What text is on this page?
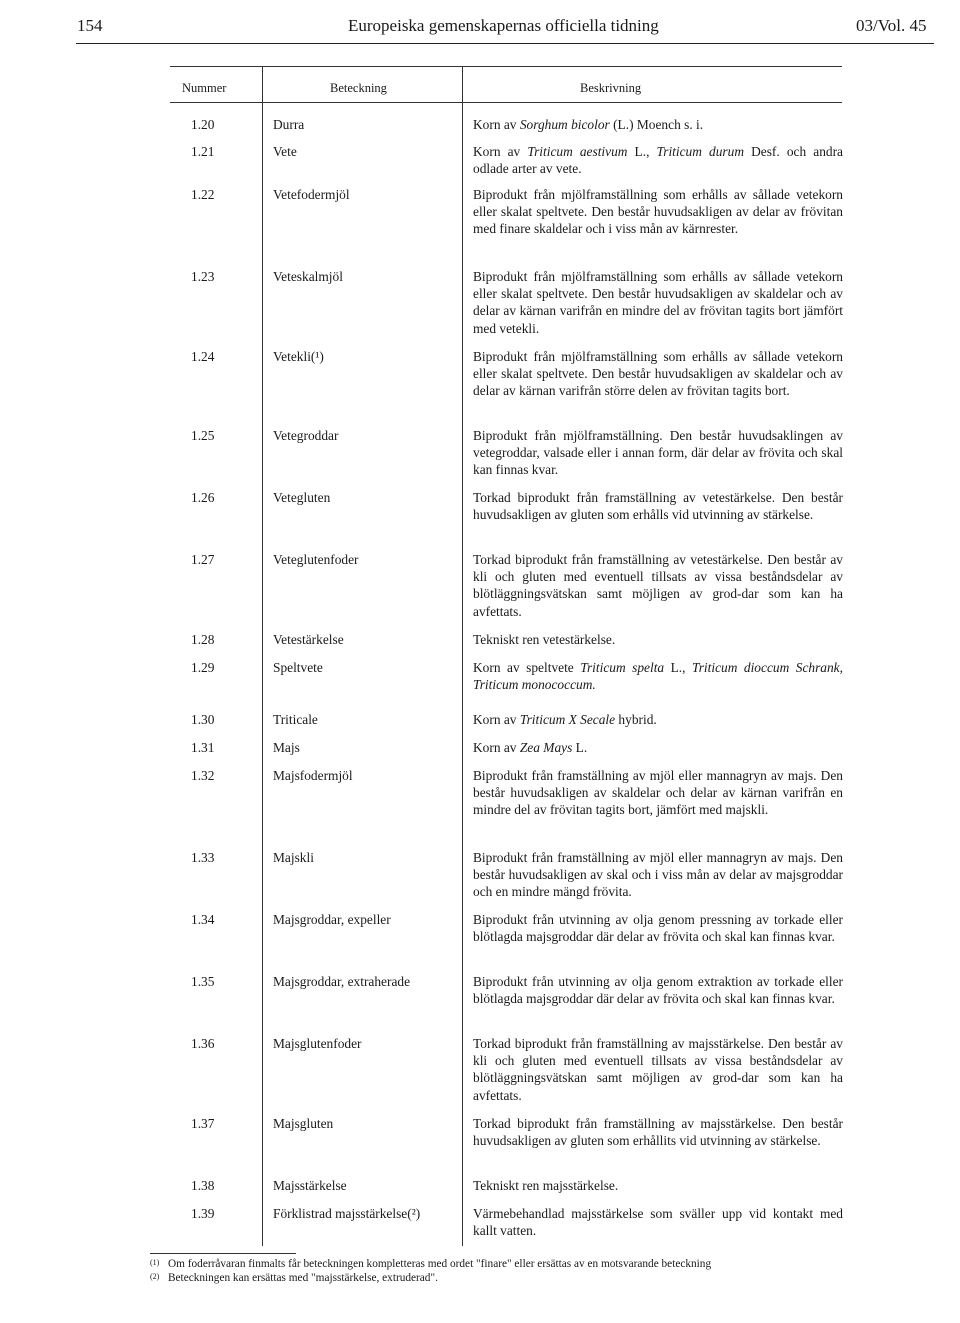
154	Europeiska gemenskapernas officiella tidning	03/Vol. 45
Nummer	Beteckning	Beskrivning
1.20	Durra	Korn av Sorghum bicolor (L.) Moench s. i.
1.21	Vete	Korn av Triticum aestivum L., Triticum durum Desf. och andra odlade arter av vete.
1.22	Vetefodermjöl	Biprodukt från mjölframställning som erhålls av sållade vetekorn eller skalat speltvete. Den består huvudsakligen av delar av frövitan med finare skaldelar och i viss mån av kärnrester.
1.23	Veteskalmjöl	Biprodukt från mjölframställning som erhålls av sållade vetekorn eller skalat speltvete. Den består huvudsakligen av skaldelar och av delar av kärnan varifrån en mindre del av frövitan tagits bort jämfört med vetekli.
1.24	Vetekli(¹)	Biprodukt från mjölframställning som erhålls av sållade vetekorn eller skalat speltvete. Den består huvudsakligen av skaldelar och av delar av kärnan varifrån större delen av frövitan tagits bort.
1.25	Vetegroddar	Biprodukt från mjölframställning. Den består huvudsaklingen av vetegroddar, valsade eller i annan form, där delar av frövita och skal kan finnas kvar.
1.26	Vetegluten	Torkad biprodukt från framställning av vetestärkelse. Den består huvudsakligen av gluten som erhålls vid utvinning av stärkelse.
1.27	Veteglutenfoder	Torkad biprodukt från framställning av vetestärkelse. Den består av kli och gluten med eventuell tillsats av vissa beståndsdelar av blötläggningsvätskan samt möjligen av grod-dar som kan ha avfettats.
1.28	Vetestärkelse	Tekniskt ren vetestärkelse.
1.29	Speltvete	Korn av speltvete Triticum spelta L., Triticum dioccum Schrank, Triticum monococcum.
1.30	Triticale	Korn av Triticum X Secale hybrid.
1.31	Majs	Korn av Zea Mays L.
1.32	Majsfodermjöl	Biprodukt från framställning av mjöl eller mannagryn av majs. Den består huvudsakligen av skaldelar och delar av kärnan varifrån en mindre del av frövitan tagits bort, jämfört med majskli.
1.33	Majskli	Biprodukt från framställning av mjöl eller mannagryn av majs. Den består huvudsakligen av skal och i viss mån av delar av majsgroddar och en mindre mängd frövita.
1.34	Majsgroddar, expeller	Biprodukt från utvinning av olja genom pressning av torkade eller blötlagda majsgroddar där delar av frövita och skal kan finnas kvar.
1.35	Majsgroddar, extraherade	Biprodukt från utvinning av olja genom extraktion av torkade eller blötlagda majsgroddar där delar av frövita och skal kan finnas kvar.
1.36	Majsglutenfoder	Torkad biprodukt från framställning av majsstärkelse. Den består av kli och gluten med eventuell tillsats av vissa beståndsdelar av blötläggningsvätskan samt möjligen av grod-dar som kan ha avfettats.
1.37	Majsgluten	Torkad biprodukt från framställning av majsstärkelse. Den består huvudsakligen av gluten som erhållits vid utvinning av stärkelse.
1.38	Majsstärkelse	Tekniskt ren majsstärkelse.
1.39	Förklistrad majsstärkelse(²)	Värmebehandlad majsstärkelse som sväller upp vid kontakt med kallt vatten.
(1) Om foderråvaran finmalts får beteckningen kompletteras med ordet "finare" eller ersättas av en motsvarande beteckning
(2) Beteckningen kan ersättas med "majsstärkelse, extruderad".
